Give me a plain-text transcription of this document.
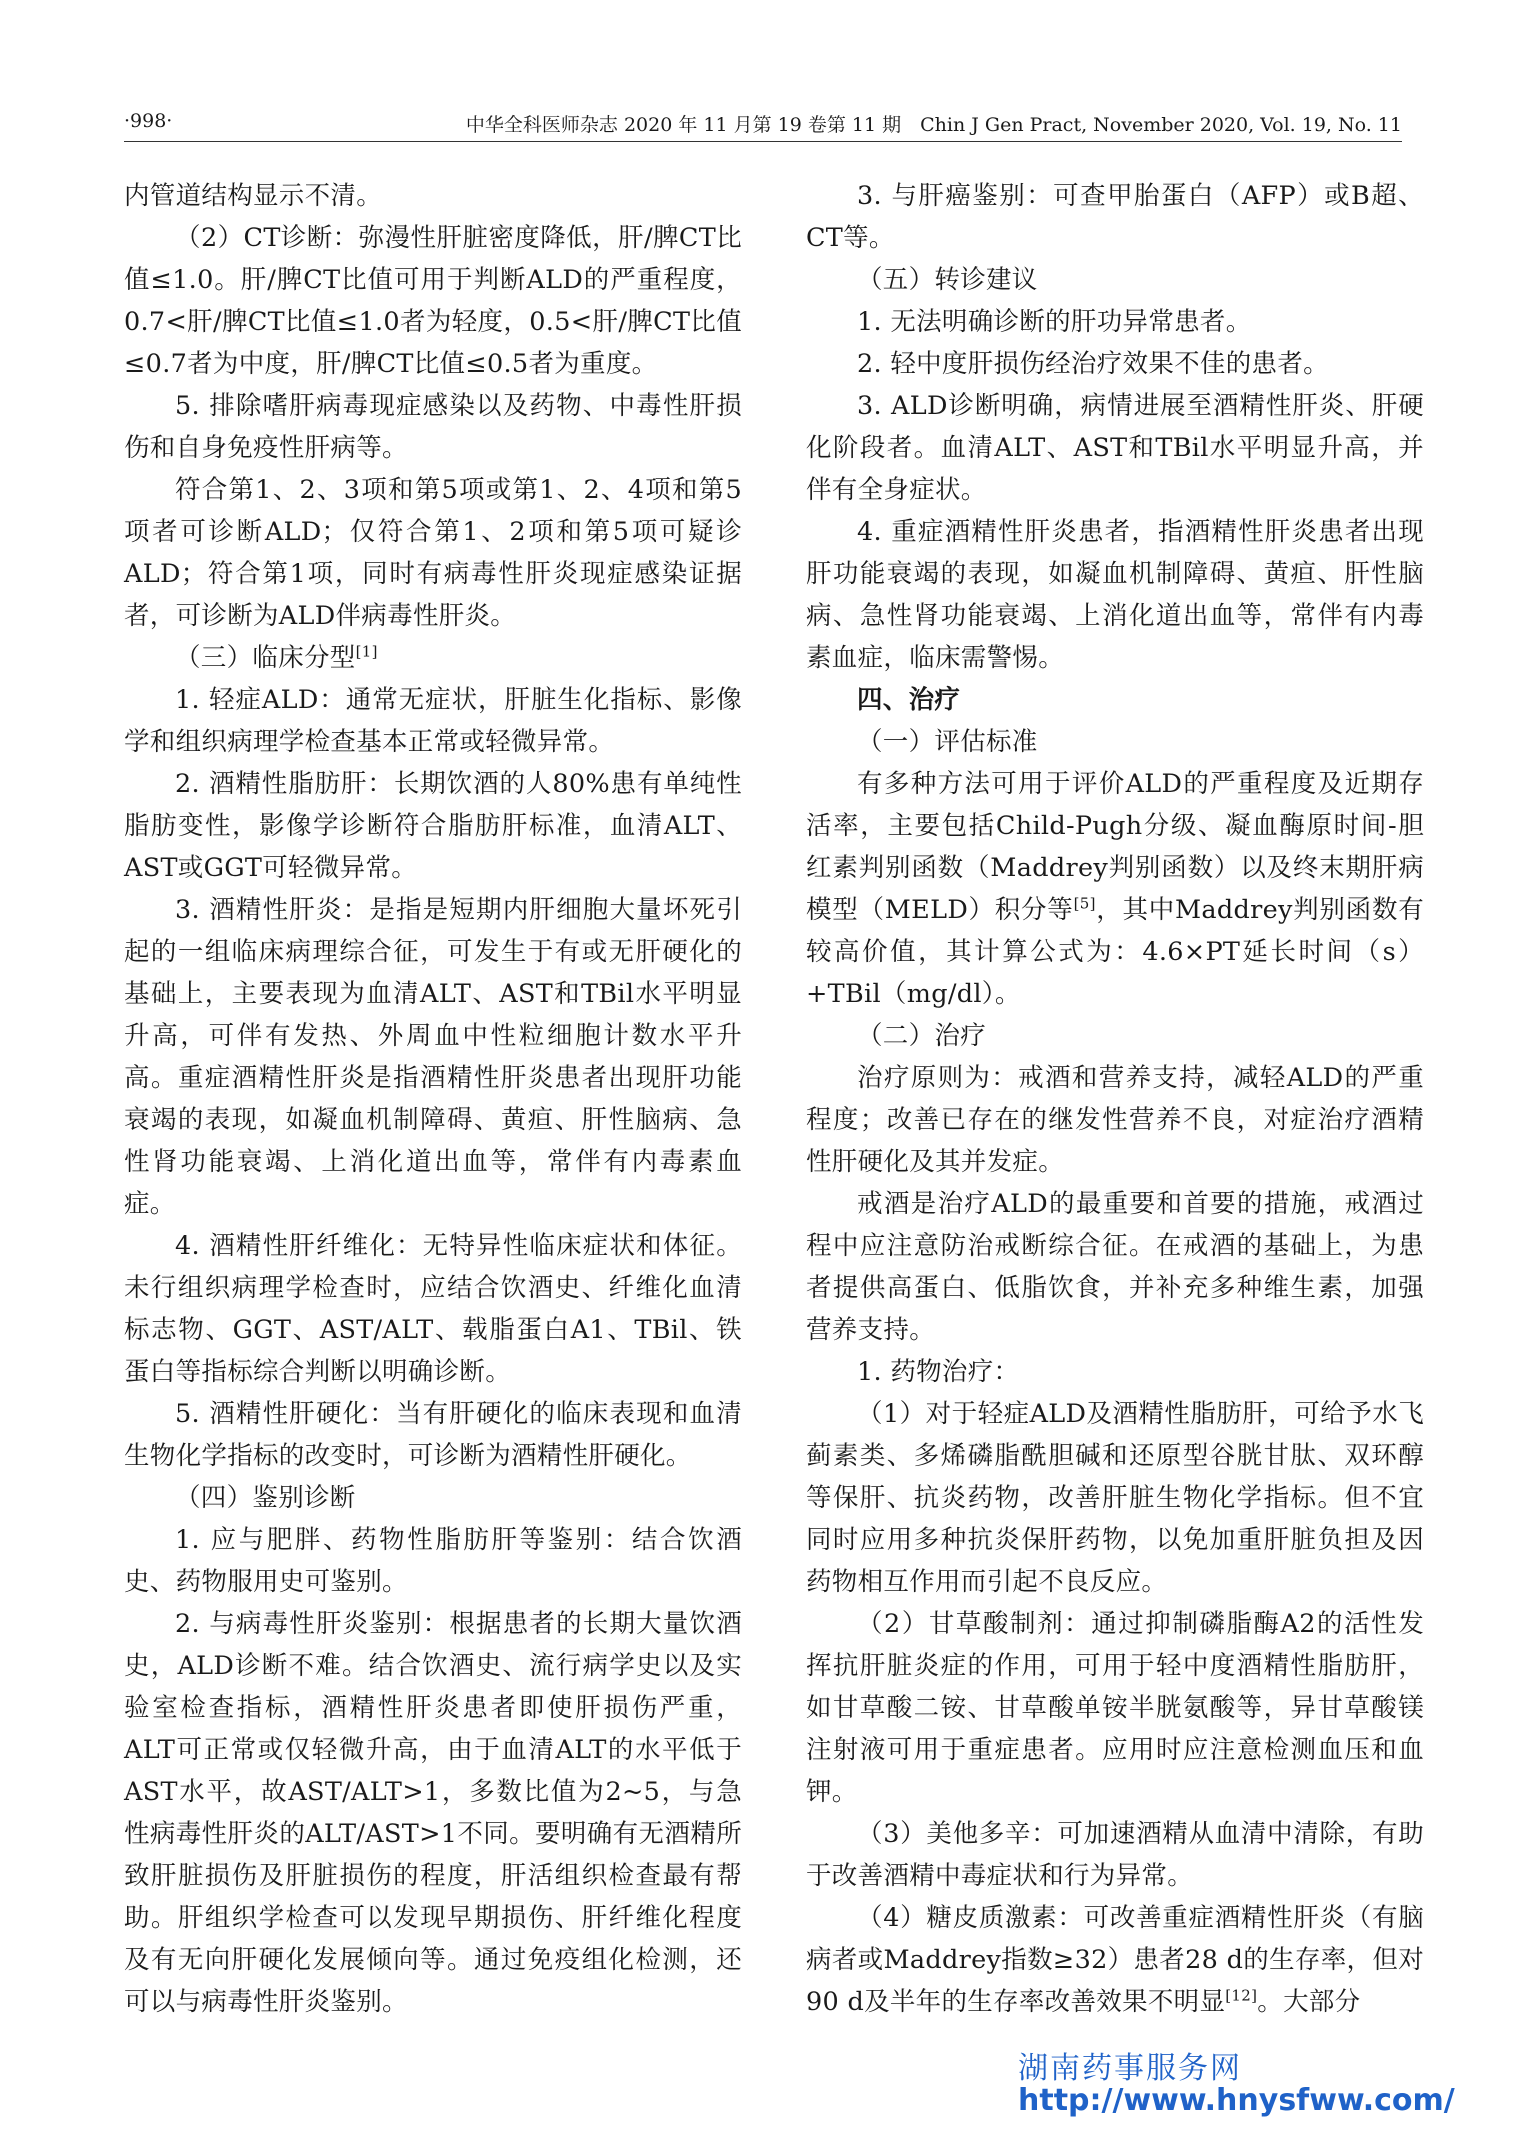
·998·	中华全科医师杂志 2020 年 11 月第 19 卷第 11 期　Chin J Gen Pract, November 2020, Vol. 19, No. 11

内管道结构显示不清。

（2）CT诊断：弥漫性肝脏密度降低，肝/脾CT比值≤1.0。肝/脾CT比值可用于判断ALD的严重程度，0.7<肝/脾CT比值≤1.0者为轻度，0.5<肝/脾CT比值≤0.7者为中度，肝/脾CT比值≤0.5者为重度。

5. 排除嗜肝病毒现症感染以及药物、中毒性肝损伤和自身免疫性肝病等。

符合第1、2、3项和第5项或第1、2、4项和第5项者可诊断ALD；仅符合第1、2项和第5项可疑诊ALD；符合第1项，同时有病毒性肝炎现症感染证据者，可诊断为ALD伴病毒性肝炎。

（三）临床分型[1]

1. 轻症ALD：通常无症状，肝脏生化指标、影像学和组织病理学检查基本正常或轻微异常。

2. 酒精性脂肪肝：长期饮酒的人80%患有单纯性脂肪变性，影像学诊断符合脂肪肝标准，血清ALT、AST或GGT可轻微异常。

3. 酒精性肝炎：是指是短期内肝细胞大量坏死引起的一组临床病理综合征，可发生于有或无肝硬化的基础上，主要表现为血清ALT、AST和TBil水平明显升高，可伴有发热、外周血中性粒细胞计数水平升高。重症酒精性肝炎是指酒精性肝炎患者出现肝功能衰竭的表现，如凝血机制障碍、黄疸、肝性脑病、急性肾功能衰竭、上消化道出血等，常伴有内毒素血症。

4. 酒精性肝纤维化：无特异性临床症状和体征。未行组织病理学检查时，应结合饮酒史、纤维化血清标志物、GGT、AST/ALT、载脂蛋白A1、TBil、铁蛋白等指标综合判断以明确诊断。

5. 酒精性肝硬化：当有肝硬化的临床表现和血清生物化学指标的改变时，可诊断为酒精性肝硬化。

（四）鉴别诊断

1. 应与肥胖、药物性脂肪肝等鉴别：结合饮酒史、药物服用史可鉴别。

2. 与病毒性肝炎鉴别：根据患者的长期大量饮酒史，ALD诊断不难。结合饮酒史、流行病学史以及实验室检查指标，酒精性肝炎患者即使肝损伤严重，ALT可正常或仅轻微升高，由于血清ALT的水平低于AST水平，故AST/ALT>1，多数比值为2~5，与急性病毒性肝炎的ALT/AST>1不同。要明确有无酒精所致肝脏损伤及肝脏损伤的程度，肝活组织检查最有帮助。肝组织学检查可以发现早期损伤、肝纤维化程度及有无向肝硬化发展倾向等。通过免疫组化检测，还可以与病毒性肝炎鉴别。

3. 与肝癌鉴别：可查甲胎蛋白（AFP）或B超、CT等。

（五）转诊建议

1. 无法明确诊断的肝功异常患者。

2. 轻中度肝损伤经治疗效果不佳的患者。

3. ALD诊断明确，病情进展至酒精性肝炎、肝硬化阶段者。血清ALT、AST和TBil水平明显升高，并伴有全身症状。

4. 重症酒精性肝炎患者，指酒精性肝炎患者出现肝功能衰竭的表现，如凝血机制障碍、黄疸、肝性脑病、急性肾功能衰竭、上消化道出血等，常伴有内毒素血症，临床需警惕。

四、治疗

（一）评估标准

有多种方法可用于评价ALD的严重程度及近期存活率，主要包括Child-Pugh分级、凝血酶原时间-胆红素判别函数（Maddrey判别函数）以及终末期肝病模型（MELD）积分等[5]，其中Maddrey判别函数有较高价值，其计算公式为：4.6×PT延长时间（s）+TBil（mg/dl）。

（二）治疗

治疗原则为：戒酒和营养支持，减轻ALD的严重程度；改善已存在的继发性营养不良，对症治疗酒精性肝硬化及其并发症。

戒酒是治疗ALD的最重要和首要的措施，戒酒过程中应注意防治戒断综合征。在戒酒的基础上，为患者提供高蛋白、低脂饮食，并补充多种维生素，加强营养支持。

1. 药物治疗：

（1）对于轻症ALD及酒精性脂肪肝，可给予水飞蓟素类、多烯磷脂酰胆碱和还原型谷胱甘肽、双环醇等保肝、抗炎药物，改善肝脏生物化学指标。但不宜同时应用多种抗炎保肝药物，以免加重肝脏负担及因药物相互作用而引起不良反应。

（2）甘草酸制剂：通过抑制磷脂酶A2的活性发挥抗肝脏炎症的作用，可用于轻中度酒精性脂肪肝，如甘草酸二铵、甘草酸单铵半胱氨酸等，异甘草酸镁注射液可用于重症患者。应用时应注意检测血压和血钾。

（3）美他多辛：可加速酒精从血清中清除，有助于改善酒精中毒症状和行为异常。

（4）糖皮质激素：可改善重症酒精性肝炎（有脑病者或Maddrey指数≥32）患者28 d的生存率，但对90 d及半年的生存率改善效果不明显[12]。大部分

湖南药事服务网
http://www.hnysfww.com/
